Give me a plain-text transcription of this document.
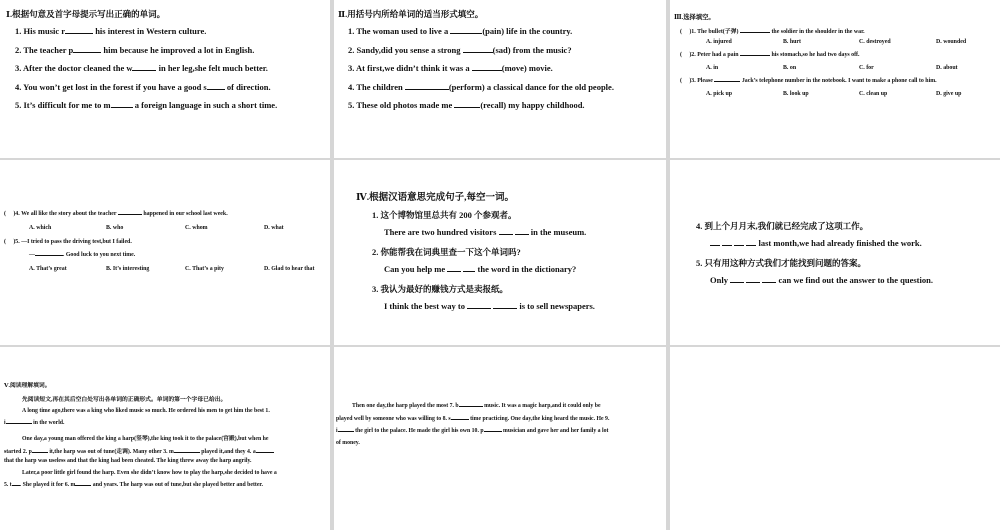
Ⅰ.根据句意及首字母提示写出正确的单词。
1. His music r	his interest in Western culture.
2. The teacher p	him because he improved a lot in English.
3. After the doctor cleaned the w	in her leg,she felt much better.
4. You won’t get lost in the forest if you have a good s of direction.
5. It’s difficult for me to m	a foreign language in such a short time.
Ⅱ.用括号内所给单词的适当形式填空。
1. The woman used to live a	(pain) life in the country.
2. Sandy,did you sense a strong	(sad) from the music?
3. At first,we didn’t think it was a	(move) movie.
4. The children	(perform) a classical dance for the old people.
5. These old photos made me	(recall) my happy childhood.
Ⅲ.选择填空。
(     )1. The bullet(子弹)	the soldier in the shoulder in the war.
A. injured	B. hurt	C. destroyed	D. wounded
(     )2. Peter had a pain	his stomach,so he had two days off.
A. in	B. on	C. for	D. about
(     )3. Please	Jack’s telephone number in the notebook. I want to make a phone call to him.
A. pick up	B. look up	C. clean up	D. give up
(     )4. We all like the story about the teacher	happened in our school last week.
A. which	B. who	C. whom	D. what
(     )5. —I tried to pass the driving test,but I failed.
—	. Good luck to you next time.
A. That’s great	B. It’s interesting	C. That’s a pity	D. Glad to hear that
Ⅳ.根据汉语意思完成句子,每空一词。
1. 这个博物馆里总共有 200 个参观者。
There are two hundred visitors	in the museum.
2. 你能帮我在词典里查一下这个单词吗?
Can you help me	the word in the dictionary?
3. 我认为最好的赚钱方式是卖报纸。
I think the best way to	is to sell newspapers.
4. 到上个月月末,我们就已经完成了这项工作。
last month,we had already finished the work.
5. 只有用这种方式我们才能找到问题的答案。
Only	can we find out the answer to the question.
Ⅴ.阅读理解填词。
先阅读短文,再在其后空白处写出各单词的正确形式。单词的第一个字母已给出。
A long time ago,there was a king who liked music so much. He ordered his men to get him the best 1.
i	in the world.
One day,a young man offered the king a harp(竖琴),the king took it to the palace(宫殿),but when he
started 2. p	it,the harp was out of tune(走调). Many other 3. m	played it,and they 4. a
that the harp was useless and that the king had been cheated. The king threw away the harp angrily.
Later,a poor little girl found the harp. Even she didn’t know how to play the harp,she decided to have a
5. t . She played it for 6. m	and years. The harp was out of tune,but she played better and better.
Then one day,the harp played the most 7. b	music. It was a magic harp,and it could only be
played well by someone who was willing to 8. s	time practicing. One day,the king heard the music. He 9.
i	the girl to the palace. He made the girl his own 10. p	musician and gave her and her family a lot
of money.
